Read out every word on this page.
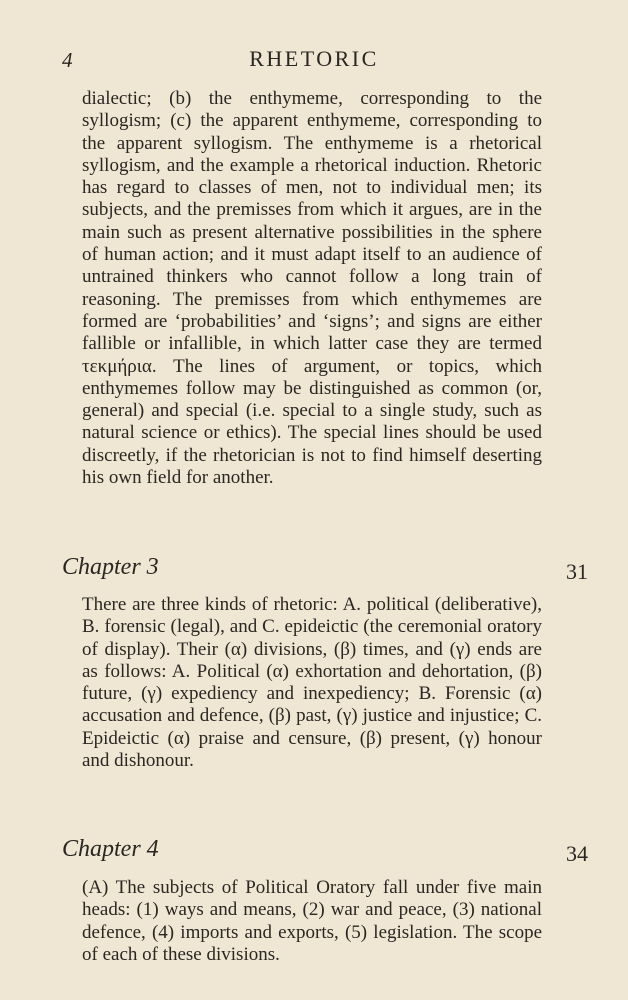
4	RHETORIC

dialectic; (b) the enthymeme, corresponding to the syllogism; (c) the apparent enthymeme, corresponding to the apparent syllogism. The enthymeme is a rhetorical syllogism, and the example a rhetorical induction. Rhetoric has regard to classes of men, not to individual men; its subjects, and the premisses from which it argues, are in the main such as present alternative possibilities in the sphere of human action; and it must adapt itself to an audience of untrained thinkers who cannot follow a long train of reasoning. The premisses from which enthymemes are formed are ‘probabilities’ and ‘signs’; and signs are either fallible or infallible, in which latter case they are termed τεκμήρια. The lines of argument, or topics, which enthymemes follow may be distinguished as common (or, general) and special (i.e. special to a single study, such as natural science or ethics). The special lines should be used discreetly, if the rhetorician is not to find himself deserting his own field for another.

Chapter 3	31

There are three kinds of rhetoric: A. political (deliberative), B. forensic (legal), and C. epideictic (the ceremonial oratory of display). Their (α) divisions, (β) times, and (γ) ends are as follows: A. Political (α) exhortation and dehortation, (β) future, (γ) expediency and inexpediency; B. Forensic (α) accusation and defence, (β) past, (γ) justice and injustice; C. Epideictic (α) praise and censure, (β) present, (γ) honour and dishonour.

Chapter 4	34

(A) The subjects of Political Oratory fall under five main heads: (1) ways and means, (2) war and peace, (3) national defence, (4) imports and exports, (5) legislation. The scope of each of these divisions.
